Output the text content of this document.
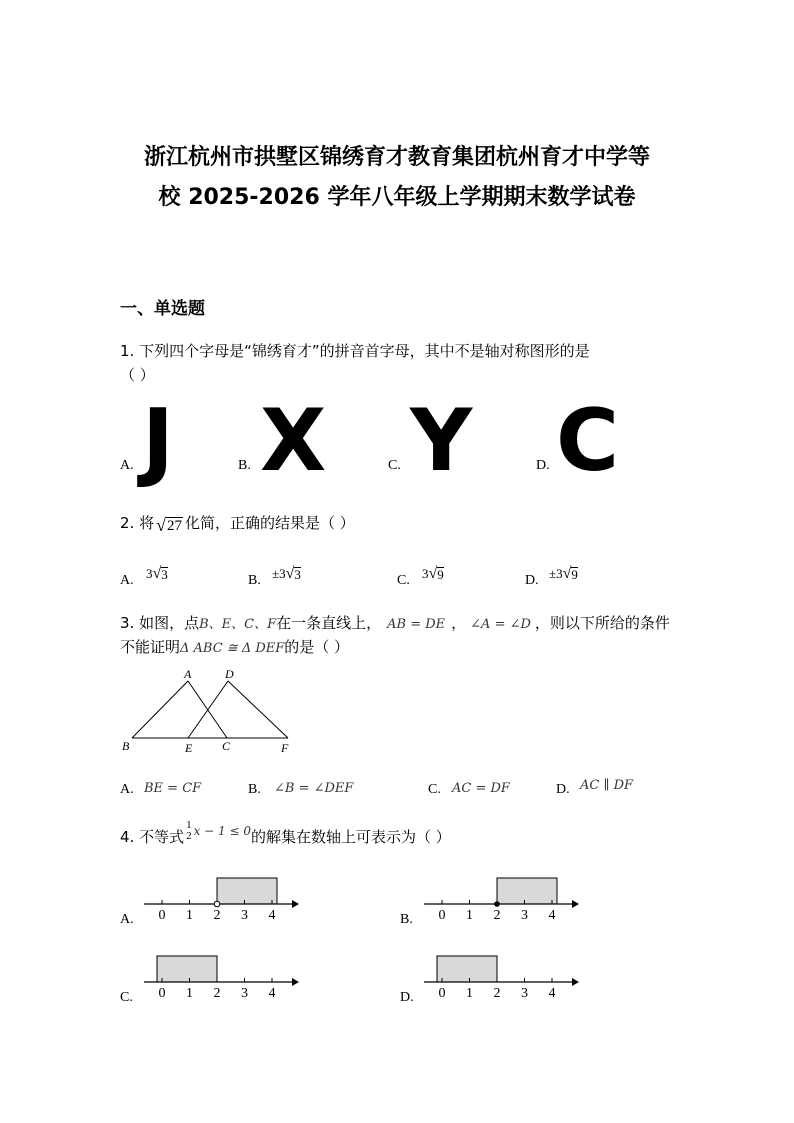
浙江杭州市拱墅区锦绣育才教育集团杭州育才中学等
校 2025-2026 学年八年级上学期期末数学试卷
一、单选题
1. 下列四个字母是“锦绣育才”的拼音首字母，其中不是轴对称图形的是
（ ）
A. J	B. X	C. Y	D. C
2. 将 √ 27 化简，正确的结果是（ ）
A. 3 √ 3	B. ±3 √ 3	C. 3 √ 9	D. ±3 √ 9
3. 如图，点B、E、C、F在一条直线上， AB = DE ， ∠A = ∠D ，则以下所给的条件
不能证明Δ ABC ≅ Δ DEF的是（ ）
A	D
B	E C	F
A. BE = CF	B. ∠B = ∠DEF	C. AC = DF	D. AC ∥ DF
4. 不等式
1
2 x − 1 ≤ 0 的解集在数轴上可表示为（ ）
A. 0 1 2 3 4	B. 0 1 2 3 4
C. 0 1 2 3 4	D. 0 1 2 3 4
